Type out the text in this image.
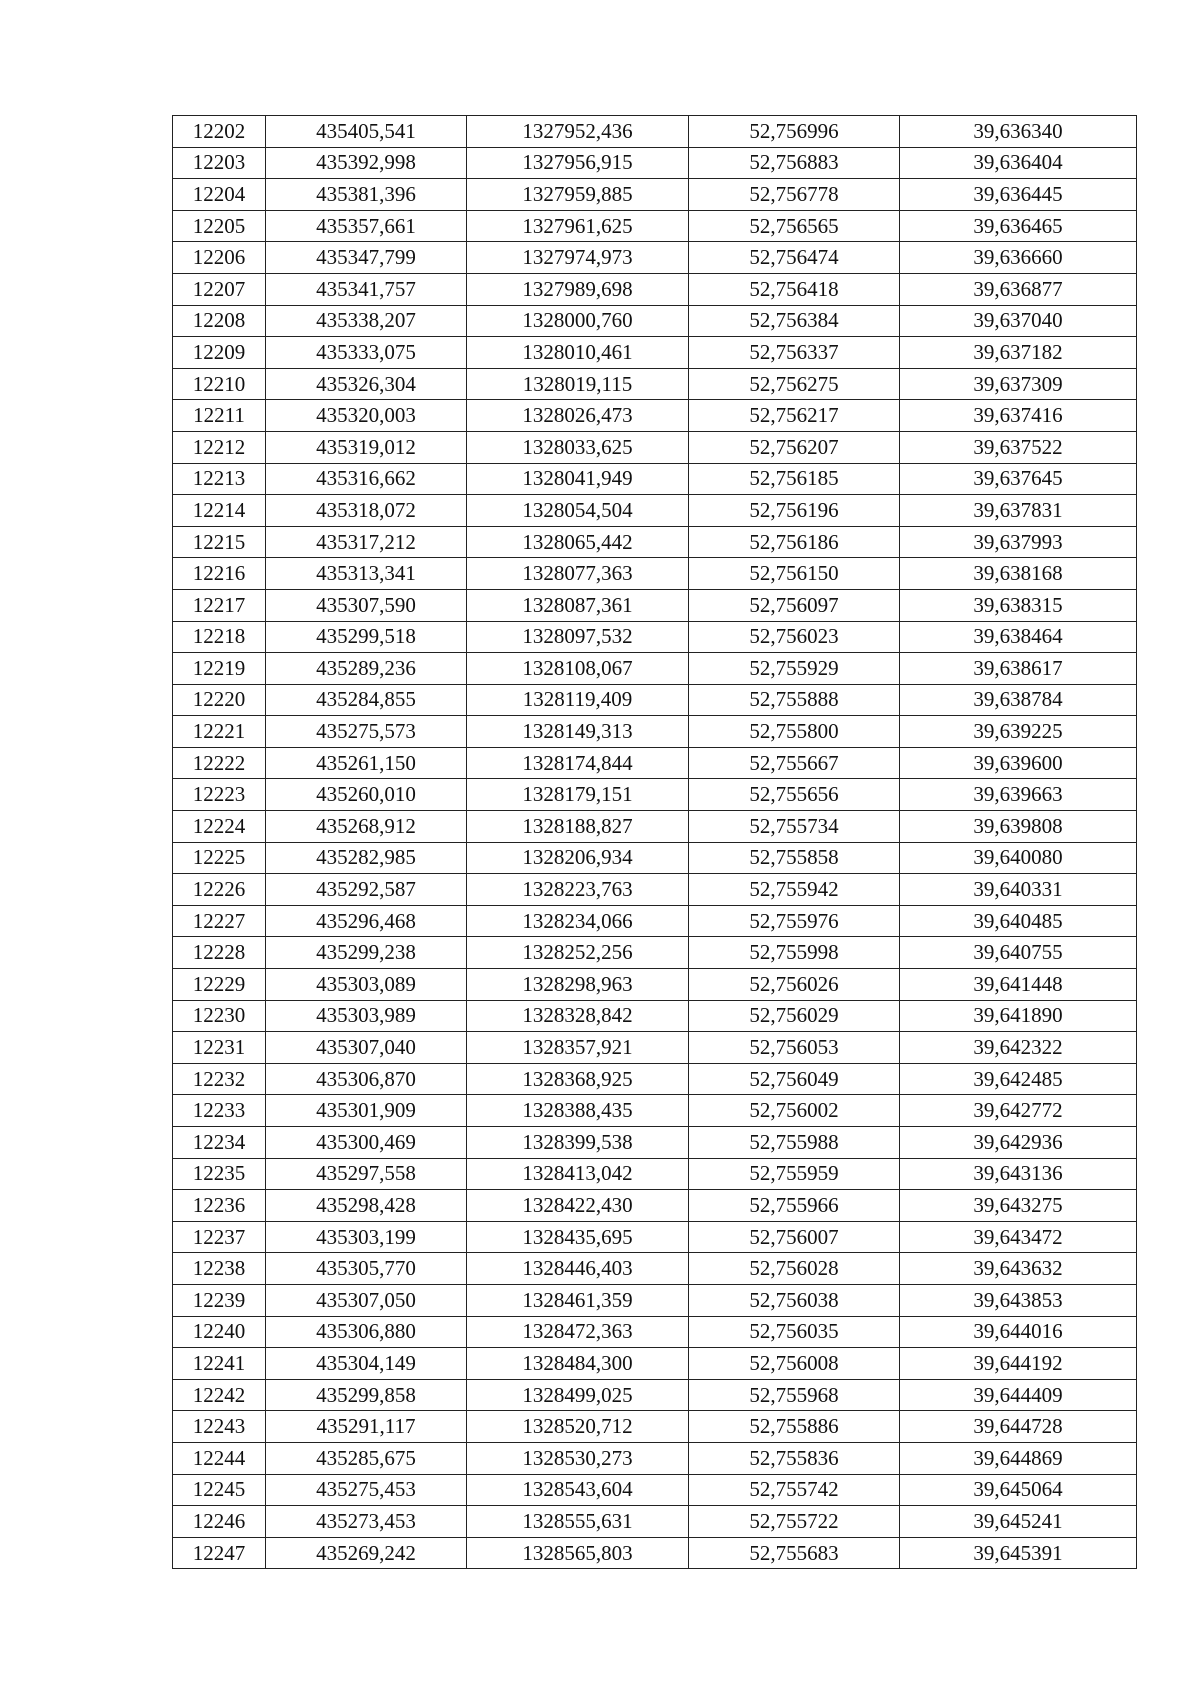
12202	435405,541	1327952,436	52,756996	39,636340
12203	435392,998	1327956,915	52,756883	39,636404
12204	435381,396	1327959,885	52,756778	39,636445
12205	435357,661	1327961,625	52,756565	39,636465
12206	435347,799	1327974,973	52,756474	39,636660
12207	435341,757	1327989,698	52,756418	39,636877
12208	435338,207	1328000,760	52,756384	39,637040
12209	435333,075	1328010,461	52,756337	39,637182
12210	435326,304	1328019,115	52,756275	39,637309
12211	435320,003	1328026,473	52,756217	39,637416
12212	435319,012	1328033,625	52,756207	39,637522
12213	435316,662	1328041,949	52,756185	39,637645
12214	435318,072	1328054,504	52,756196	39,637831
12215	435317,212	1328065,442	52,756186	39,637993
12216	435313,341	1328077,363	52,756150	39,638168
12217	435307,590	1328087,361	52,756097	39,638315
12218	435299,518	1328097,532	52,756023	39,638464
12219	435289,236	1328108,067	52,755929	39,638617
12220	435284,855	1328119,409	52,755888	39,638784
12221	435275,573	1328149,313	52,755800	39,639225
12222	435261,150	1328174,844	52,755667	39,639600
12223	435260,010	1328179,151	52,755656	39,639663
12224	435268,912	1328188,827	52,755734	39,639808
12225	435282,985	1328206,934	52,755858	39,640080
12226	435292,587	1328223,763	52,755942	39,640331
12227	435296,468	1328234,066	52,755976	39,640485
12228	435299,238	1328252,256	52,755998	39,640755
12229	435303,089	1328298,963	52,756026	39,641448
12230	435303,989	1328328,842	52,756029	39,641890
12231	435307,040	1328357,921	52,756053	39,642322
12232	435306,870	1328368,925	52,756049	39,642485
12233	435301,909	1328388,435	52,756002	39,642772
12234	435300,469	1328399,538	52,755988	39,642936
12235	435297,558	1328413,042	52,755959	39,643136
12236	435298,428	1328422,430	52,755966	39,643275
12237	435303,199	1328435,695	52,756007	39,643472
12238	435305,770	1328446,403	52,756028	39,643632
12239	435307,050	1328461,359	52,756038	39,643853
12240	435306,880	1328472,363	52,756035	39,644016
12241	435304,149	1328484,300	52,756008	39,644192
12242	435299,858	1328499,025	52,755968	39,644409
12243	435291,117	1328520,712	52,755886	39,644728
12244	435285,675	1328530,273	52,755836	39,644869
12245	435275,453	1328543,604	52,755742	39,645064
12246	435273,453	1328555,631	52,755722	39,645241
12247	435269,242	1328565,803	52,755683	39,645391
